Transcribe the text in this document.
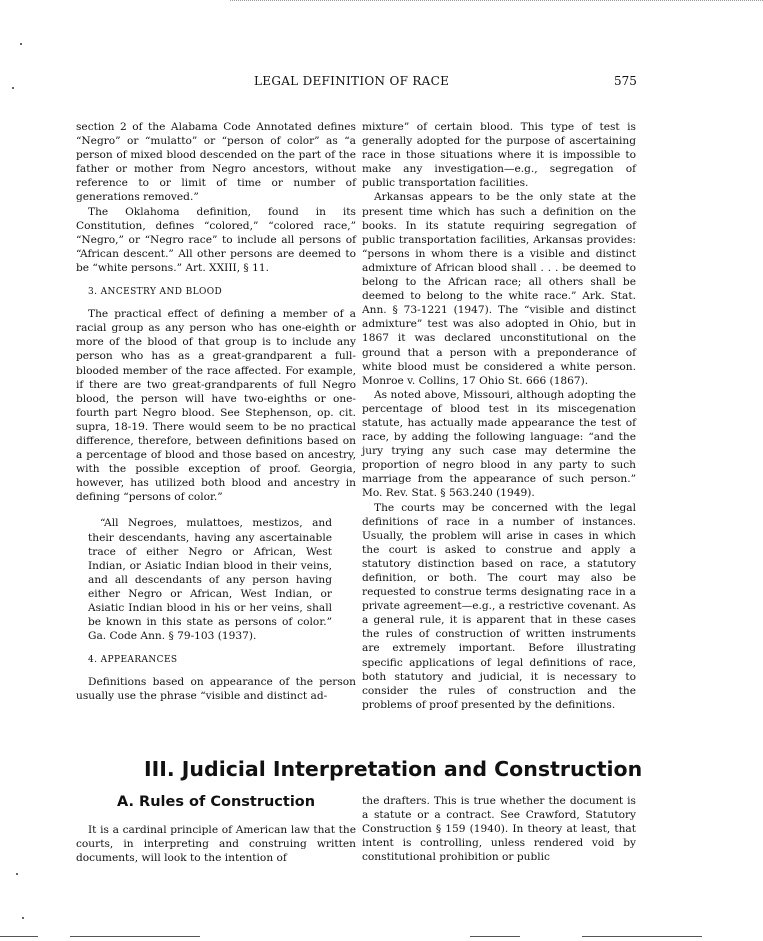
LEGAL DEFINITION OF RACE	575

section 2 of the Alabama Code Annotated defines “Negro” or “mulatto” or “person of color” as “a person of mixed blood descended on the part of the father or mother from Negro ancestors, without reference to or limit of time or number of generations removed.”

The Oklahoma definition, found in its Constitution, defines “colored,” “colored race,” “Negro,” or “Negro race” to include all persons of “African descent.” All other persons are deemed to be “white persons.” Art. XXIII, § 11.

3. ANCESTRY AND BLOOD

The practical effect of defining a member of a racial group as any person who has one-eighth or more of the blood of that group is to include any person who has as a great-grandparent a full-blooded member of the race affected. For example, if there are two great-grandparents of full Negro blood, the person will have two-eighths or one-fourth part Negro blood. See Stephenson, op. cit. supra, 18-19. There would seem to be no practical difference, therefore, between definitions based on a percentage of blood and those based on ancestry, with the possible exception of proof. Georgia, however, has utilized both blood and ancestry in defining “persons of color.”

“All Negroes, mulattoes, mestizos, and their descendants, having any ascertainable trace of either Negro or African, West Indian, or Asiatic Indian blood in their veins, and all descendants of any person having either Negro or African, West Indian, or Asiatic Indian blood in his or her veins, shall be known in this state as persons of color.” Ga. Code Ann. § 79-103 (1937).

4. APPEARANCES

Definitions based on appearance of the person usually use the phrase “visible and distinct ad-

mixture” of certain blood. This type of test is generally adopted for the purpose of ascertaining race in those situations where it is impossible to make any investigation—e.g., segregation of public transportation facilities.

Arkansas appears to be the only state at the present time which has such a definition on the books. In its statute requiring segregation of public transportation facilities, Arkansas provides: “persons in whom there is a visible and distinct admixture of African blood shall . . . be deemed to belong to the African race; all others shall be deemed to belong to the white race.” Ark. Stat. Ann. § 73-1221 (1947). The “visible and distinct admixture” test was also adopted in Ohio, but in 1867 it was declared unconstitutional on the ground that a person with a preponderance of white blood must be considered a white person. Monroe v. Collins, 17 Ohio St. 666 (1867).

As noted above, Missouri, although adopting the percentage of blood test in its miscegenation statute, has actually made appearance the test of race, by adding the following language: “and the jury trying any such case may determine the proportion of negro blood in any party to such marriage from the appearance of such person.” Mo. Rev. Stat. § 563.240 (1949).

The courts may be concerned with the legal definitions of race in a number of instances. Usually, the problem will arise in cases in which the court is asked to construe and apply a statutory distinction based on race, a statutory definition, or both. The court may also be requested to construe terms designating race in a private agreement—e.g., a restrictive covenant. As a general rule, it is apparent that in these cases the rules of construction of written instruments are extremely important. Before illustrating specific applications of legal definitions of race, both statutory and judicial, it is necessary to consider the rules of construction and the problems of proof presented by the definitions.

III. Judicial Interpretation and Construction
A. Rules of Construction

It is a cardinal principle of American law that the courts, in interpreting and construing written documents, will look to the intention of

the drafters. This is true whether the document is a statute or a contract. See Crawford, Statutory Construction § 159 (1940). In theory at least, that intent is controlling, unless rendered void by constitutional prohibition or public
